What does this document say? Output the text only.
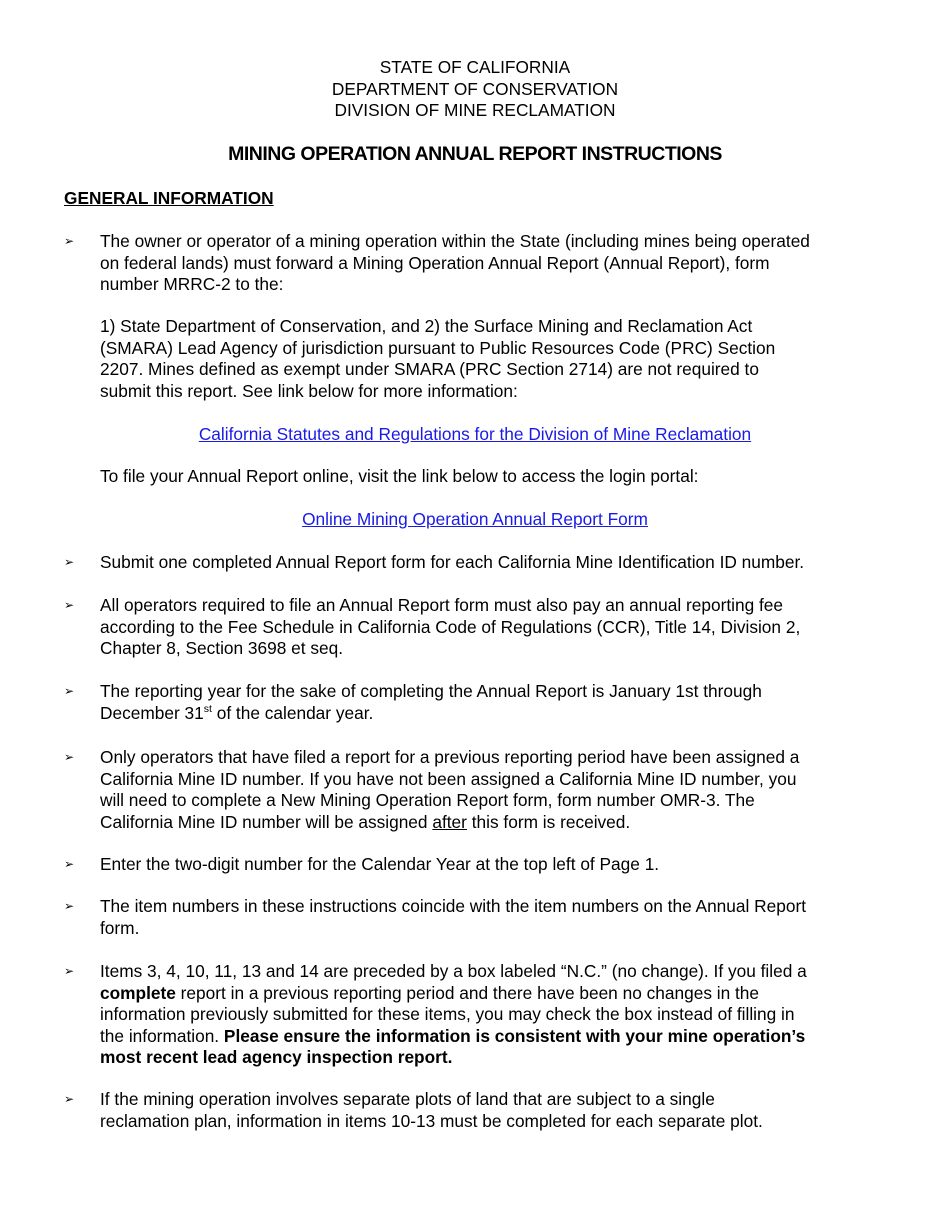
STATE OF CALIFORNIA
DEPARTMENT OF CONSERVATION
DIVISION OF MINE RECLAMATION
MINING OPERATION ANNUAL REPORT INSTRUCTIONS
GENERAL INFORMATION
➢	The owner or operator of a mining operation within the State (including mines being operated
on federal lands) must forward a Mining Operation Annual Report (Annual Report), form
number MRRC-2 to the:
1) State Department of Conservation, and 2) the Surface Mining and Reclamation Act
(SMARA) Lead Agency of jurisdiction pursuant to Public Resources Code (PRC) Section
2207. Mines defined as exempt under SMARA (PRC Section 2714) are not required to
submit this report. See link below for more information:
California Statutes and Regulations for the Division of Mine Reclamation
To file your Annual Report online, visit the link below to access the login portal:
Online Mining Operation Annual Report Form
➢	Submit one completed Annual Report form for each California Mine Identification ID number.
➢	All operators required to file an Annual Report form must also pay an annual reporting fee
according to the Fee Schedule in California Code of Regulations (CCR), Title 14, Division 2,
Chapter 8, Section 3698 et seq.
➢	The reporting year for the sake of completing the Annual Report is January 1st through
December 31st of the calendar year.
➢	Only operators that have filed a report for a previous reporting period have been assigned a
California Mine ID number. If you have not been assigned a California Mine ID number, you
will need to complete a New Mining Operation Report form, form number OMR-3. The
California Mine ID number will be assigned after this form is received.
➢	Enter the two-digit number for the Calendar Year at the top left of Page 1.
➢	The item numbers in these instructions coincide with the item numbers on the Annual Report
form.
➢	Items 3, 4, 10, 11, 13 and 14 are preceded by a box labeled “N.C.” (no change). If you filed a
complete report in a previous reporting period and there have been no changes in the
information previously submitted for these items, you may check the box instead of filling in
the information. Please ensure the information is consistent with your mine operation’s
most recent lead agency inspection report.
➢	If the mining operation involves separate plots of land that are subject to a single
reclamation plan, information in items 10-13 must be completed for each separate plot.
